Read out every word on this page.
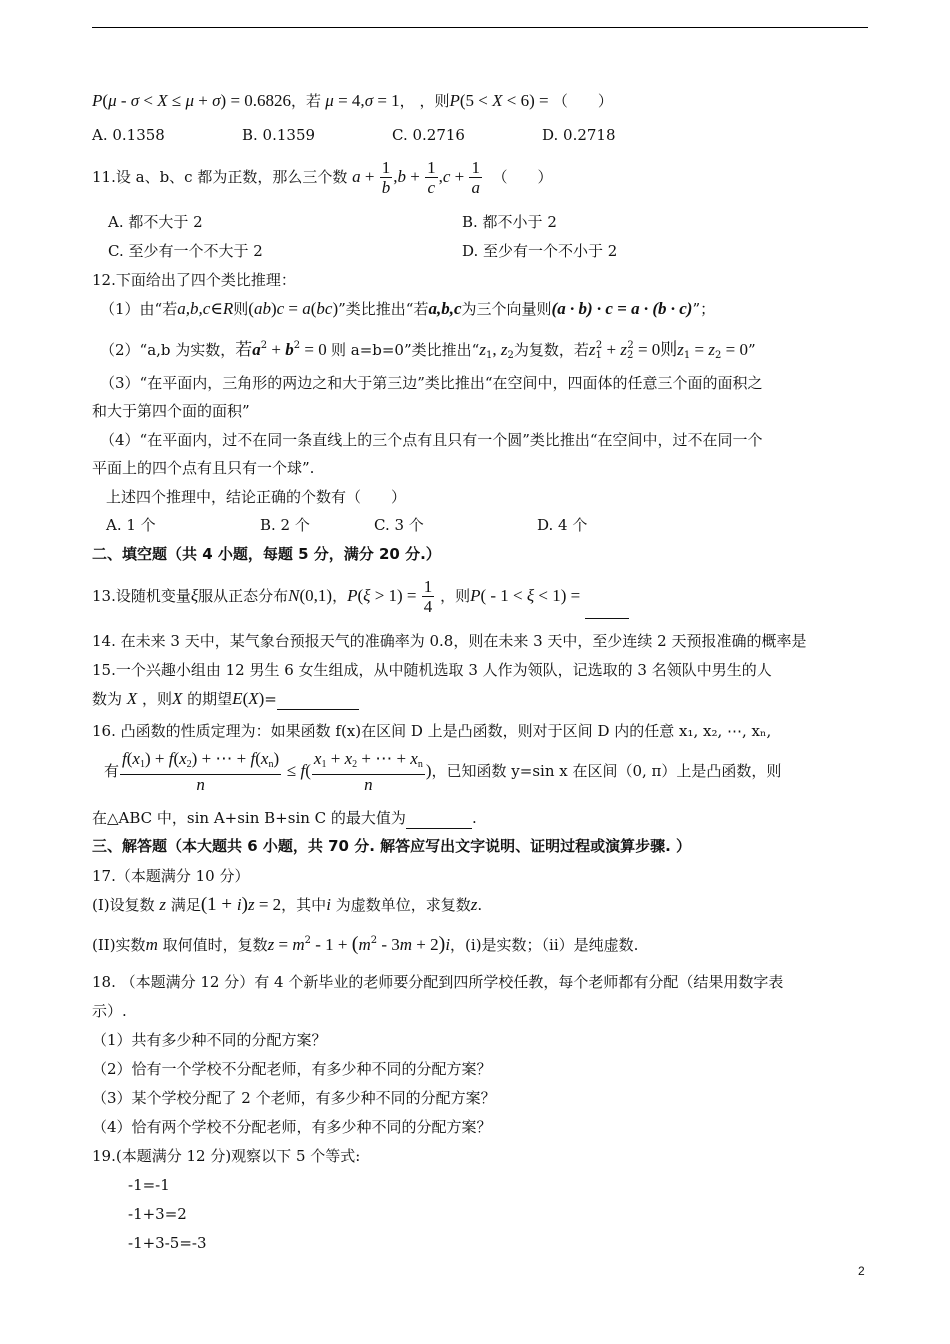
P(μ - σ < X ≤ μ + σ) = 0.6826，若 μ = 4,σ = 1， ，则P(5 < X < 6) = （　　）
A. 0.1358	B. 0.1359	C. 0.2716	D. 0.2718
11.设 a、b、c 都为正数，那么三个数 $a + \frac{1}{b} ,b + \frac{1}{c} ,c + \frac{1}{a}$ （　　）
A. 都不大于 2	B. 都不小于 2
C. 至少有一个不大于 2	D. 至少有一个不小于 2
12.下面给出了四个类比推理：
（1）由“若a,b,c∈R则(ab)c = a(bc)”类比推出“若a,b,c为三个向量则(a · b) · c = a · (b · c)”；
（2）“a,b 为实数，若$a^2 + b^2 = 0$ 则 a=b=0”类比推出“$z_1$, $z_2$为复数，若$z_1^2 + z_2^2 = 0$则$z_1 = z_2 = 0$”
（3）“在平面内，三角形的两边之和大于第三边”类比推出“在空间中，四面体的任意三个面的面积之
和大于第四个面的面积”
（4）“在平面内，过不在同一条直线上的三个点有且只有一个圆”类比推出“在空间中，过不在同一个
平面上的四个点有且只有一个球”.
上述四个推理中，结论正确的个数有（　　）
A. 1 个	B. 2 个	C. 3 个	D. 4 个
二、填空题（共 4 小题，每题 5 分，满分 20 分.）
13.设随机变量ξ服从正态分布N(0,1)，$P(\xi > 1) = \frac{1}{4}$ ，则P( - 1 < ξ < 1) =
14. 在未来 3 天中，某气象台预报天气的准确率为 0.8，则在未来 3 天中，至少连续 2 天预报准确的概率是
15.一个兴趣小组由 12 男生 6 女生组成，从中随机选取 3 人作为领队，记选取的 3 名领队中男生的人
数为 X ，则X 的期望E(X)=
16. 凸函数的性质定理为：如果函数 f(x)在区间 D 上是凸函数，则对于区间 D 内的任意 x₁, x₂, ⋯, xₙ,
有 $\frac{f(x_1) + f(x_2) + \cdots + f(x_n)}{n} \le f( \frac{x_1 + x_2 + \cdots + x_n}{n}$ )，已知函数 y=sin x 在区间（0, π）上是凸函数，则
在△ABC 中，sin A+sin B+sin C 的最大值为	.
三、解答题（本大题共 6 小题，共 70 分. 解答应写出文字说明、证明过程或演算步骤. ）
17.（本题满分 10 分）
(I)设复数 z 满足(1 + i)z = 2，其中i 为虚数单位，求复数z.
(II)实数m 取何值时，复数$z = m^2 - 1 + (m^2 - 3m + 2)i$，(i)是实数；（ii）是纯虚数.
18. （本题满分 12 分）有 4 个新毕业的老师要分配到四所学校任教，每个老师都有分配（结果用数字表
示）.
（1）共有多少种不同的分配方案？
（2）恰有一个学校不分配老师，有多少种不同的分配方案？
（3）某个学校分配了 2 个老师，有多少种不同的分配方案？
（4）恰有两个学校不分配老师，有多少种不同的分配方案？
19.(本题满分 12 分)观察以下 5 个等式:
-1=-1
-1+3=2
-1+3-5=-3
2
